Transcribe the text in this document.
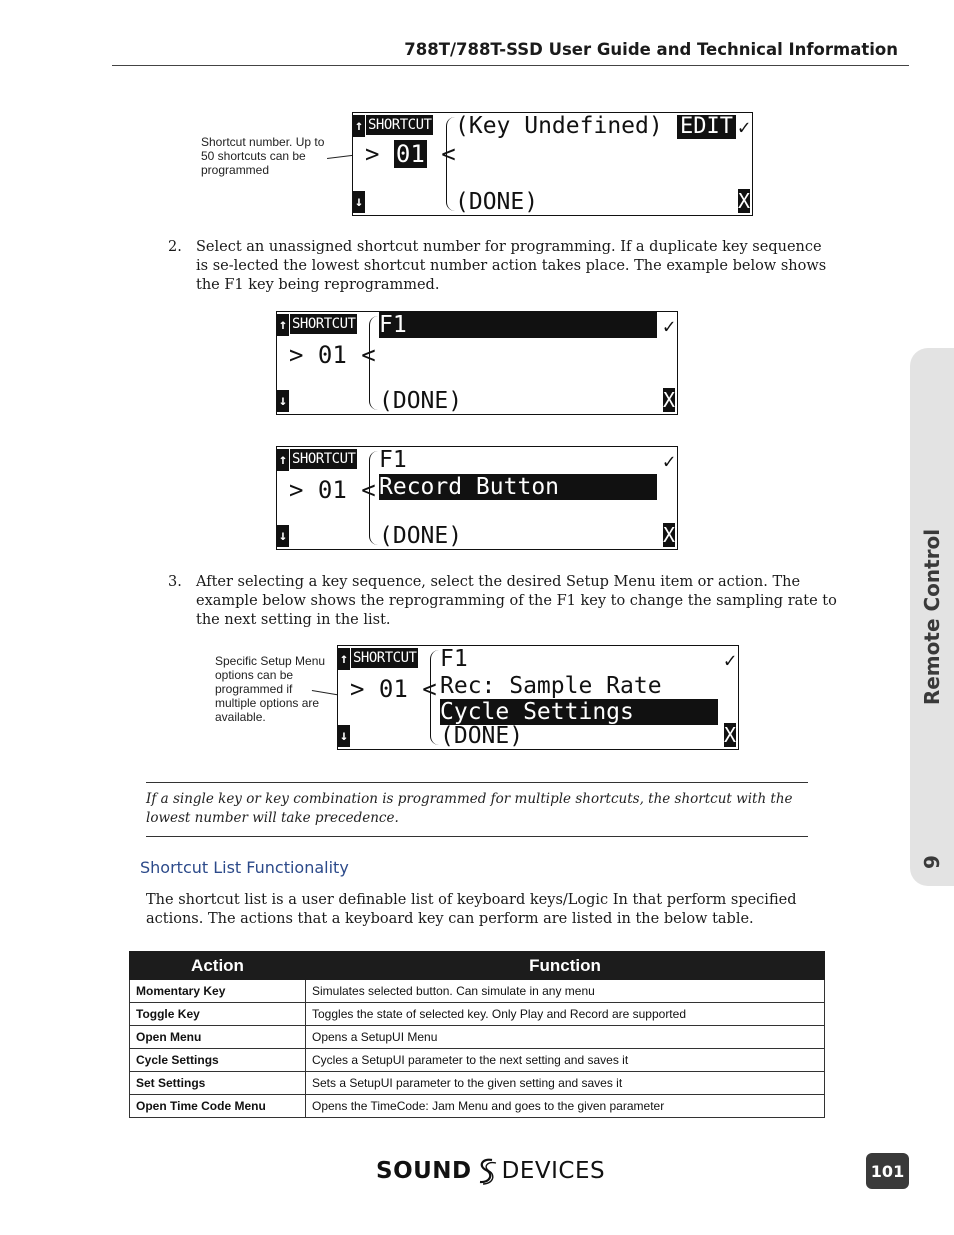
788T/788T-SSD User Guide and Technical Information
Shortcut number. Up to 50 shortcuts can be programmed
↑
↓
SHORTCUT
> 01 <
(Key Undefined) EDIT ✓
(DONE)	X
2. Select an unassigned shortcut number for programming. If a duplicate key sequence is se-lected the lowest shortcut number action takes place. The example below shows the F1 key being reprogrammed.
↑
↓
SHORTCUT
> 01 <
F1	✓
(DONE)	X
↑
↓
SHORTCUT
> 01 <
F1
Record Button
✓
(DONE)	X
3. After selecting a key sequence, select the desired Setup Menu item or action. The example below shows the reprogramming of the F1 key to change the sampling rate to the next setting in the list.
Specific Setup Menu options can be programmed if multiple options are available.
↑
↓
SHORTCUT
> 01 <
F1
Rec: Sample Rate
Cycle Settings
✓
(DONE)	X
If a single key or key combination is programmed for multiple shortcuts, the shortcut with the lowest number will take precedence.
Shortcut List Functionality
The shortcut list is a user definable list of keyboard keys/Logic In that perform specified actions. The actions that a keyboard key can perform are listed in the below table.
Action	Function
Momentary Key	Simulates selected button. Can simulate in any menu
Toggle Key	Toggles the state of selected key. Only Play and Record are supported
Open Menu	Opens a SetupUI Menu
Cycle Settings	Cycles a SetupUI parameter to the next setting and saves it
Set Settings	Sets a SetupUI parameter to the given setting and saves it
Open Time Code Menu	Opens the TimeCode: Jam Menu and goes to the given parameter
Remote Control
9
SOUND DEVICES	101
